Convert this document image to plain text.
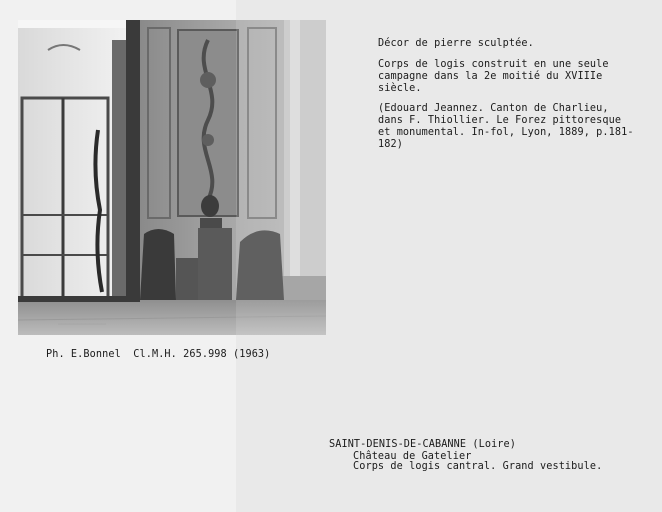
Décor de pierre sculptée.
Corps de logis construit en une seule
campagne dans la 2e moitié du XVIIIe
siècle.
(Edouard Jeannez. Canton de Charlieu,
dans F. Thiollier. Le Forez pittoresque
et monumental. In-fol, Lyon, 1889, p.181-
182)
Ph. E.Bonnel  Cl.M.H. 265.998 (1963)
SAINT-DENIS-DE-CABANNE (Loire)
Château de Gatelier
Corps de logis cantral. Grand vestibule.
